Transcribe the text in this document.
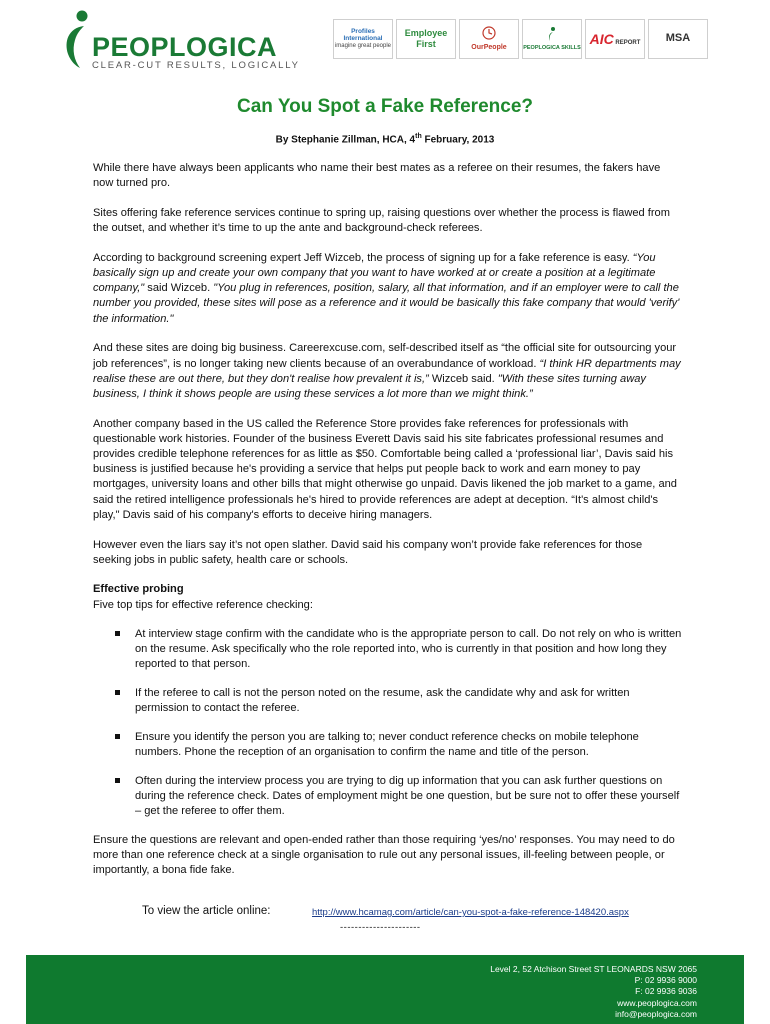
PEOPLOGICA
CLEAR-CUT RESULTS, LOGICALLY
Profiles International
imagine great people
Employee First	OurPeople	PEOPLOGICA SKILLS
AIC REPORT MSA
Can You Spot a Fake Reference?
By Stephanie Zillman, HCA, 4th February, 2013

While there have always been applicants who name their best mates as a referee on their resumes, the fakers have now turned pro.

Sites offering fake reference services continue to spring up, raising questions over whether the process is flawed from the outset, and whether it’s time to up the ante and background-check referees.

According to background screening expert Jeff Wizceb, the process of signing up for a fake reference is easy. “You basically sign up and create your own company that you want to have worked at or create a position at a legitimate company," said Wizceb. "You plug in references, position, salary, all that information, and if an employer were to call the number you provided, these sites will pose as a reference and it would be basically this fake company that would 'verify' the information."

And these sites are doing big business. Careerexcuse.com, self-described itself as “the official site for outsourcing your job references”, is no longer taking new clients because of an overabundance of workload. “I think HR departments may realise these are out there, but they don't realise how prevalent it is,” Wizceb said. "With these sites turning away business, I think it shows people are using these services a lot more than we might think.”

Another company based in the US called the Reference Store provides fake references for professionals with questionable work histories. Founder of the business Everett Davis said his site fabricates professional resumes and provides credible telephone references for as little as $50. Comfortable being called a ‘professional liar’, Davis said his business is justified because he's providing a service that helps put people back to work and earn money to pay mortgages, university loans and other bills that might otherwise go unpaid. Davis likened the job market to a game, and said the retired intelligence professionals he's hired to provide references are adept at deception. “It's almost child's play," Davis said of his company's efforts to deceive hiring managers.

However even the liars say it’s not open slather. David said his company won’t provide fake references for those seeking jobs in public safety, health care or schools.

Effective probing

Five top tips for effective reference checking:

At interview stage confirm with the candidate who is the appropriate person to call. Do not rely on who is written on the resume. Ask specifically who the role reported into, who is currently in that position and how long they reported to that person.
If the referee to call is not the person noted on the resume, ask the candidate why and ask for written permission to contact the referee.
Ensure you identify the person you are talking to; never conduct reference checks on mobile telephone numbers. Phone the reception of an organisation to confirm the name and title of the person.
Often during the interview process you are trying to dig up information that you can ask further questions on during the reference check. Dates of employment might be one question, but be sure not to offer these yourself – get the referee to offer them.

Ensure the questions are relevant and open-ended rather than those requiring ‘yes/no’ responses. You may need to do more than one reference check at a single organisation to rule out any personal issues, ill-feeling between people, or importantly, a bona fide fake.

To view the article online:	http://www.hcamag.com/article/can-you-spot-a-fake-reference-148420.aspx
----------------------
Level 2, 52 Atchison Street ST LEONARDS NSW 2065
P: 02 9936 9000
F: 02 9936 9036
www.peoplogica.com
info@peoplogica.com
